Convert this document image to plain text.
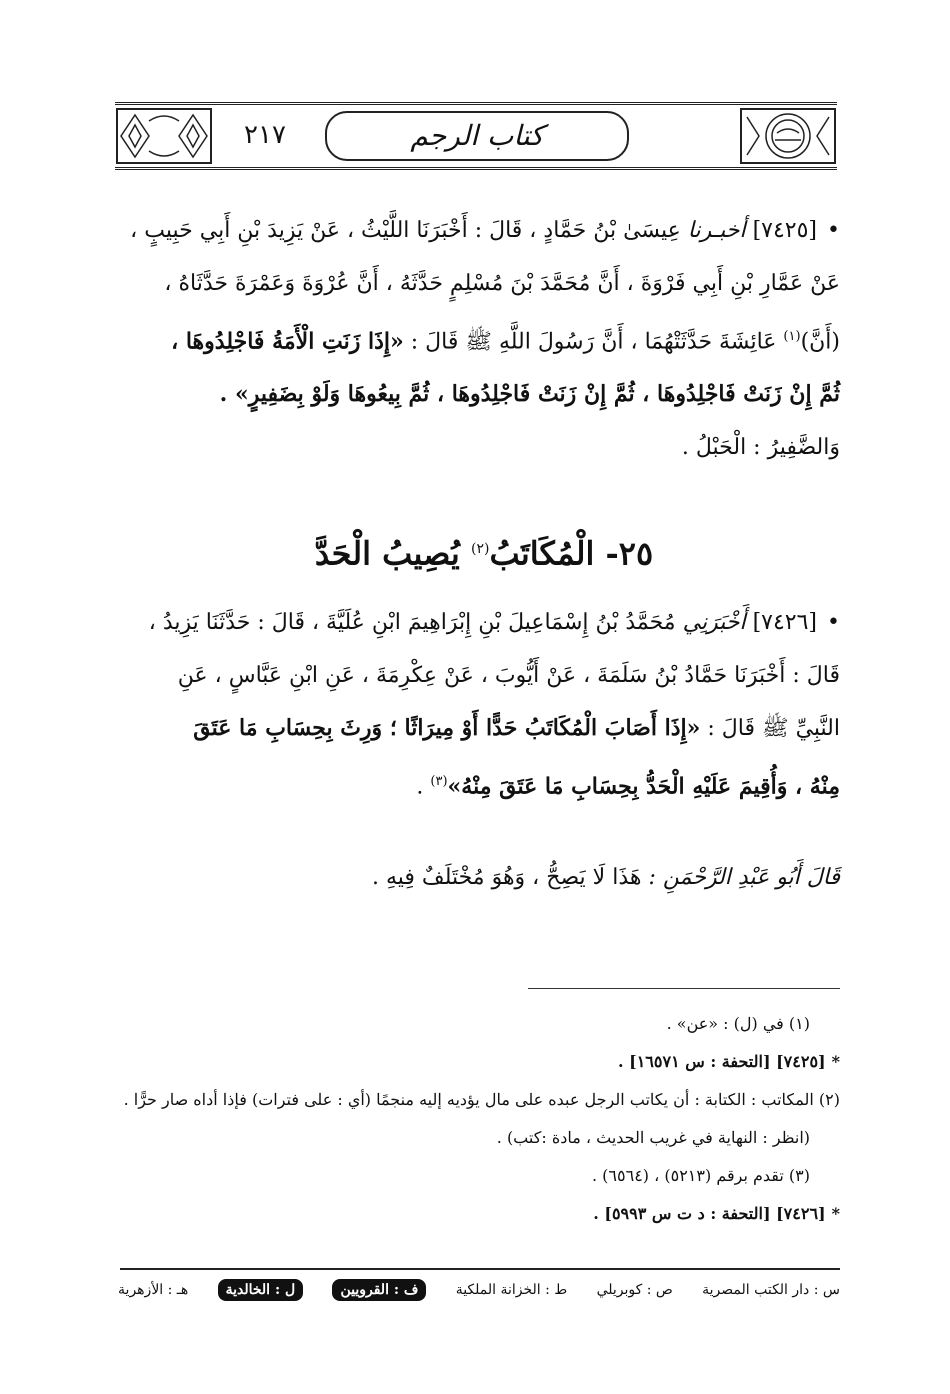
٢١٧	كتاب الرجم
•[٧٤٢٥] أخبـرنا عِيسَىٰ بْنُ حَمَّادٍ ، قَالَ : أَخْبَرَنَا اللَّيْثُ ، عَنْ يَزِيدَ بْنِ أَبِي حَبِيبٍ ،
عَنْ عَمَّارِ بْنِ أَبِي فَرْوَةَ ، أَنَّ مُحَمَّدَ بْنَ مُسْلِمٍ حَدَّثَهُ ، أَنَّ عُرْوَةَ وَعَمْرَةَ حَدَّثَاهُ ،
(أَنَّ)$^{(١)}$ عَائِشَةَ حَدَّثَتْهُمَا ، أَنَّ رَسُولَ اللَّهِ ﷺ قَالَ : «إِذَا زَنَتِ الْأَمَةُ فَاجْلِدُوهَا ،
ثُمَّ إِنْ زَنَتْ فَاجْلِدُوهَا ، ثُمَّ إِنْ زَنَتْ فَاجْلِدُوهَا ، ثُمَّ بِيعُوهَا وَلَوْ بِضَفِيرٍ» .
وَالضَّفِيرُ : الْحَبْلُ .
٢٥- الْمُكَاتَبُ$^{(٢)}$ يُصِيبُ الْحَدَّ
•[٧٤٢٦] أَخْبَرَنِي مُحَمَّدُ بْنُ إِسْمَاعِيلَ بْنِ إِبْرَاهِيمَ ابْنِ عُلَيَّةَ ، قَالَ : حَدَّثَنَا يَزِيدُ ،
قَالَ : أَخْبَرَنَا حَمَّادُ بْنُ سَلَمَةَ ، عَنْ أَيُّوبَ ، عَنْ عِكْرِمَةَ ، عَنِ ابْنِ عَبَّاسٍ ، عَنِ
النَّبِيِّ ﷺ قَالَ : «إِذَا أَصَابَ الْمُكَاتَبُ حَدًّا أَوْ مِيرَاثًا ؛ وَرِثَ بِحِسَابِ مَا عَتَقَ
مِنْهُ ، وَأُقِيمَ عَلَيْهِ الْحَدُّ بِحِسَابِ مَا عَتَقَ مِنْهُ»$^{(٣)}$ .
قَالَ أَبُو عَبْدِ الرَّحْمَنِ : هَذَا لَا يَصِحُّ ، وَهُوَ مُخْتَلَفٌ فِيهِ .
(١) في (ل) : «عن» .
*[٧٤٢٥] [التحفة : س ١٦٥٧١] .
(٢) المكاتب : الكتابة : أن يكاتب الرجل عبده على مال يؤديه إليه منجمًا (أي : على فترات) فإذا أداه صار حرًّا . (انظر : النهاية في غريب الحديث ، مادة :كتب) .
(٣) تقدم برقم (٥٢١٣) ، (٦٥٦٤) .
*[٧٤٢٦] [التحفة : د ت س ٥٩٩٣] .
س : دار الكتب المصرية
ص : كوبريلي
ط : الخزانة الملكية
ف : القرويين
ل : الخالدية
هـ : الأزهرية
